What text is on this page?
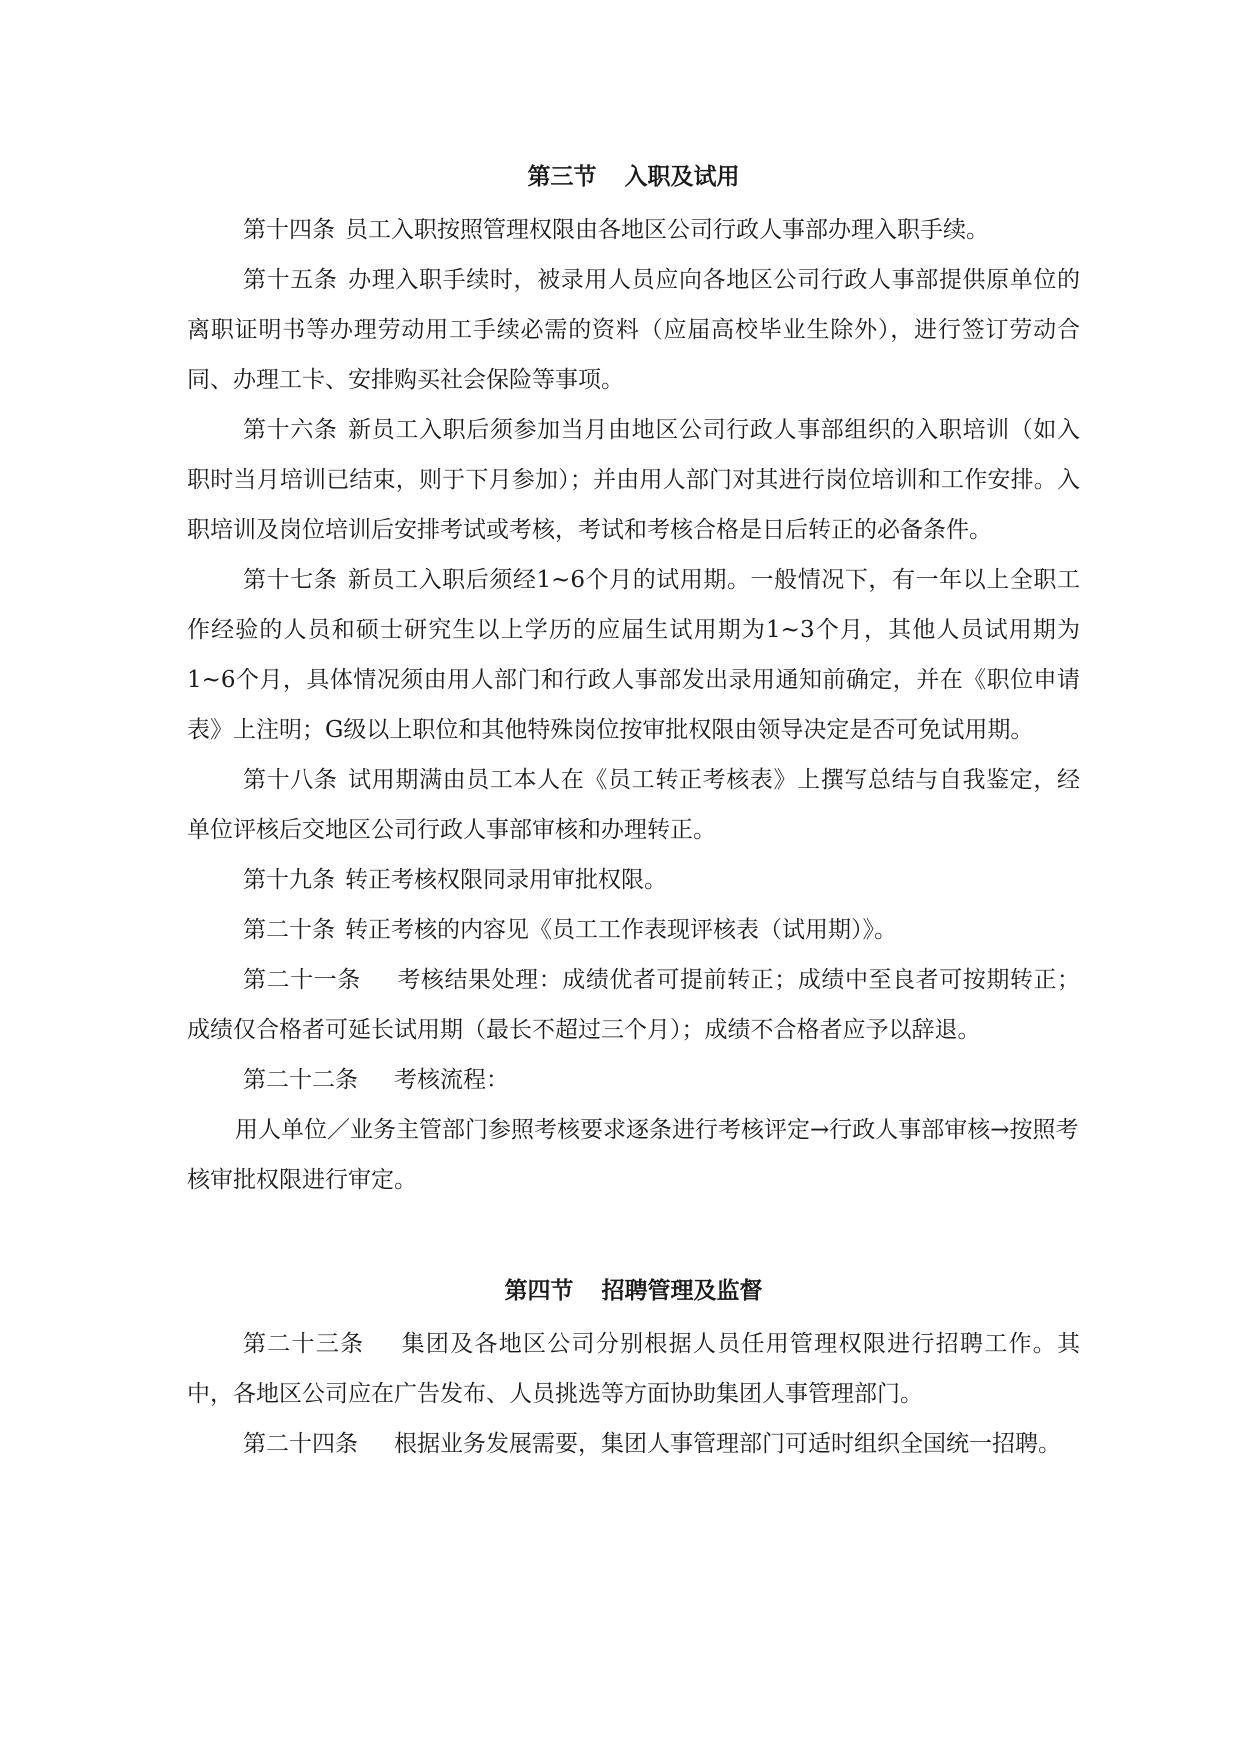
第三节 入职及试用

第十四条 员工入职按照管理权限由各地区公司行政人事部办理入职手续。

第十五条 办理入职手续时，被录用人员应向各地区公司行政人事部提供原单位的离职证明书等办理劳动用工手续必需的资料（应届高校毕业生除外），进行签订劳动合同、办理工卡、安排购买社会保险等事项。

第十六条 新员工入职后须参加当月由地区公司行政人事部组织的入职培训（如入职时当月培训已结束，则于下月参加）；并由用人部门对其进行岗位培训和工作安排。入职培训及岗位培训后安排考试或考核，考试和考核合格是日后转正的必备条件。

第十七条 新员工入职后须经1~6个月的试用期。一般情况下，有一年以上全职工作经验的人员和硕士研究生以上学历的应届生试用期为1~3个月，其他人员试用期为1~6个月，具体情况须由用人部门和行政人事部发出录用通知前确定，并在《职位申请表》上注明；G级以上职位和其他特殊岗位按审批权限由领导决定是否可免试用期。

第十八条 试用期满由员工本人在《员工转正考核表》上撰写总结与自我鉴定，经单位评核后交地区公司行政人事部审核和办理转正。

第十九条 转正考核权限同录用审批权限。

第二十条 转正考核的内容见《员工工作表现评核表（试用期）》。

第二十一条 考核结果处理：成绩优者可提前转正；成绩中至良者可按期转正；成绩仅合格者可延长试用期（最长不超过三个月）；成绩不合格者应予以辞退。

第二十二条 考核流程：

用人单位／业务主管部门参照考核要求逐条进行考核评定→行政人事部审核→按照考核审批权限进行审定。

第四节 招聘管理及监督

第二十三条 集团及各地区公司分别根据人员任用管理权限进行招聘工作。其中，各地区公司应在广告发布、人员挑选等方面协助集团人事管理部门。

第二十四条 根据业务发展需要，集团人事管理部门可适时组织全国统一招聘。
